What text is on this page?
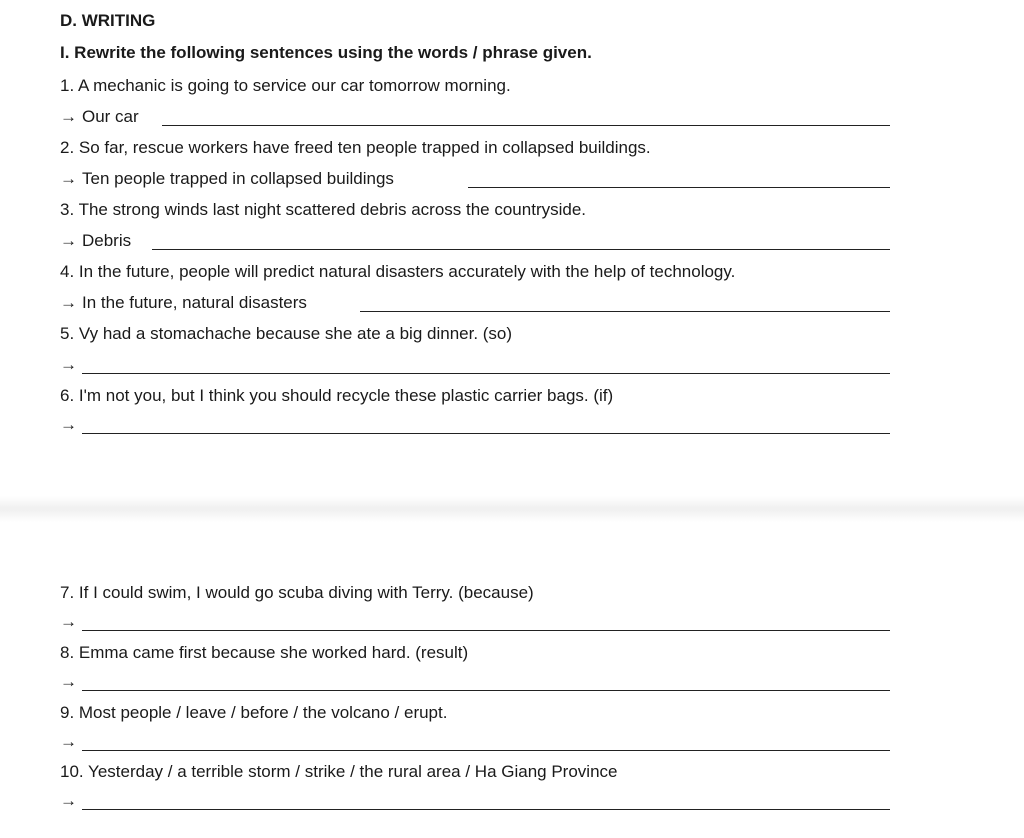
D. WRITING
I. Rewrite the following sentences using the words / phrase given.
1. A mechanic is going to service our car tomorrow morning.
→ Our car
2. So far, rescue workers have freed ten people trapped in collapsed buildings.
→ Ten people trapped in collapsed buildings
3. The strong winds last night scattered debris across the countryside.
→ Debris
4. In the future, people will predict natural disasters accurately with the help of technology.
→ In the future, natural disasters
5. Vy had a stomachache because she ate a big dinner. (so)
→
6. I'm not you, but I think you should recycle these plastic carrier bags. (if)
→
7. If I could swim, I would go scuba diving with Terry. (because)
→
8. Emma came first because she worked hard. (result)
→
9. Most people / leave / before / the volcano / erupt.
→
10. Yesterday / a terrible storm / strike / the rural area / Ha Giang Province
→
